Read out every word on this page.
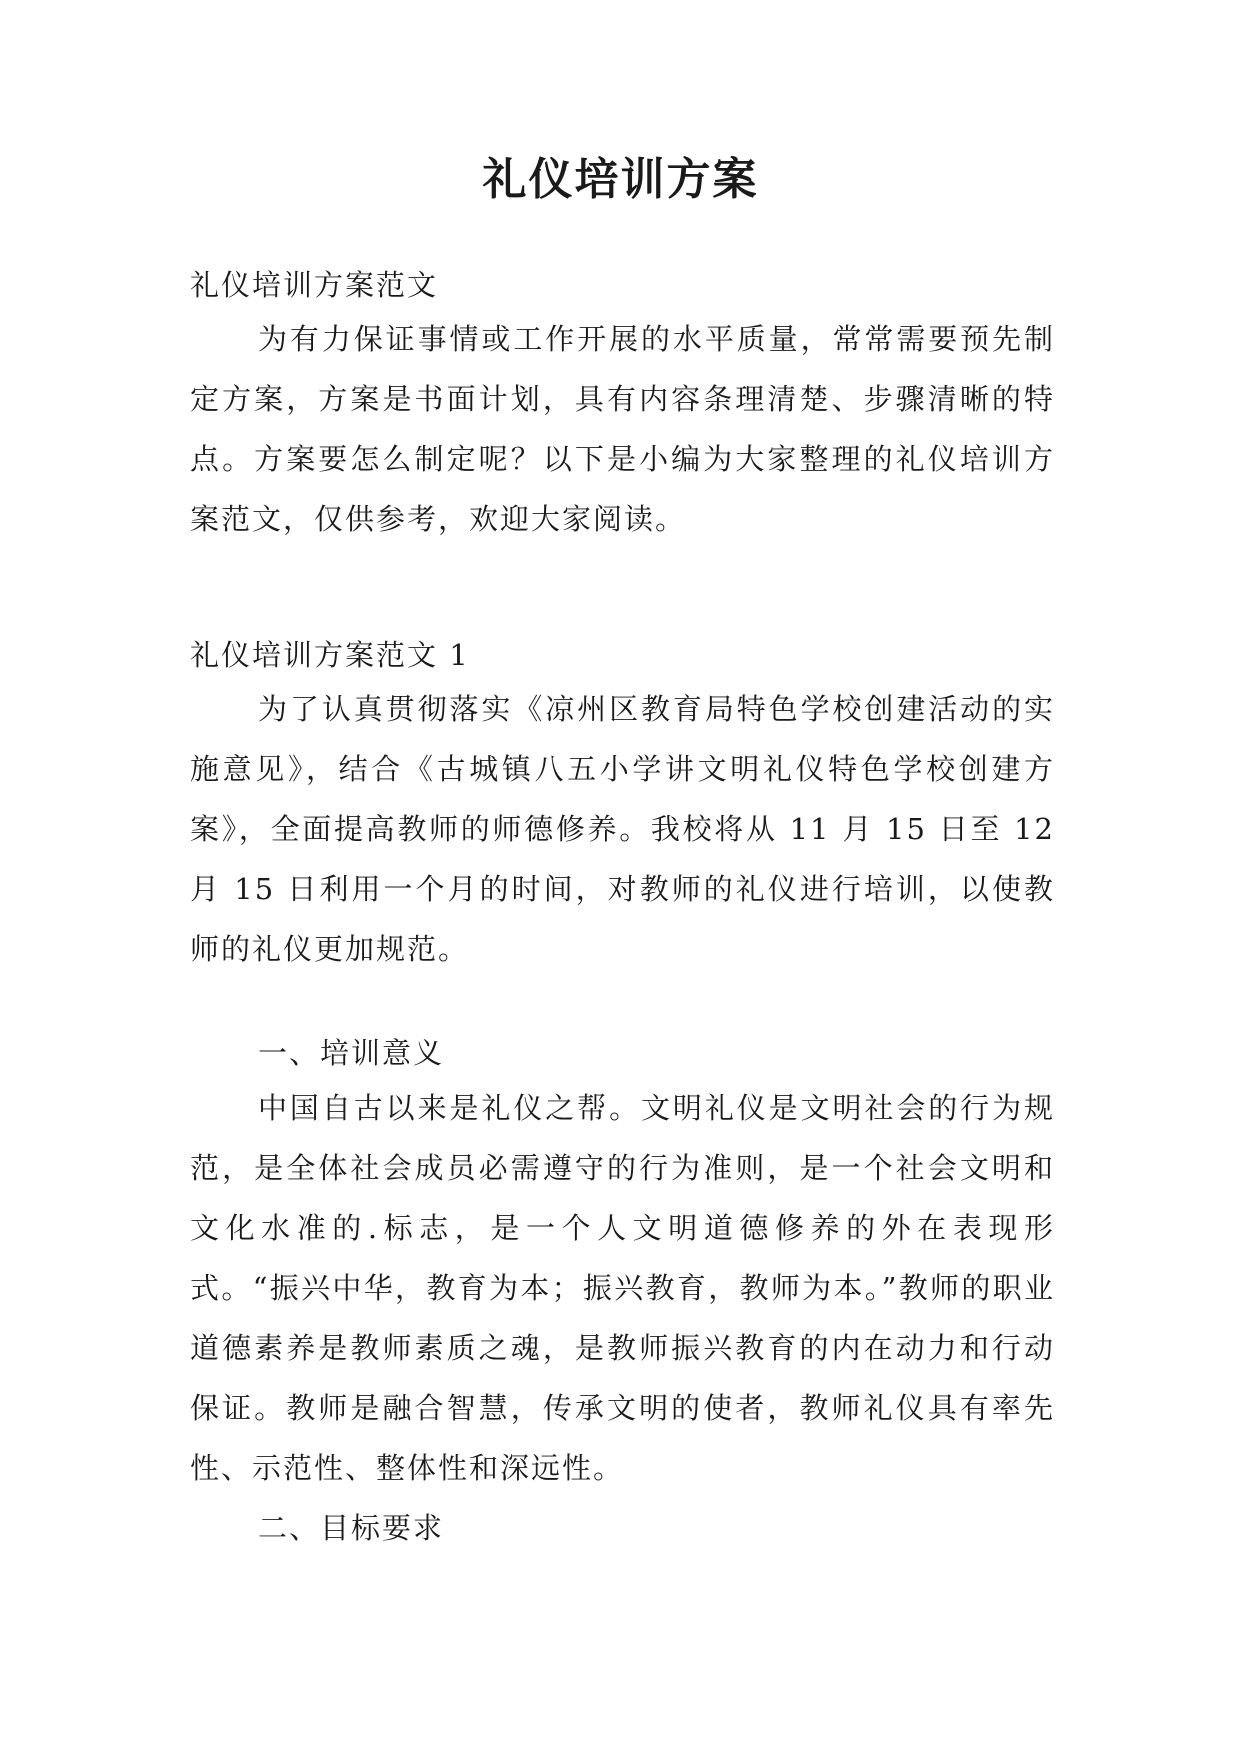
礼仪培训方案

礼仪培训方案范文

为有力保证事情或工作开展的水平质量，常常需要预先制定方案，方案是书面计划，具有内容条理清楚、步骤清晰的特点。方案要怎么制定呢？以下是小编为大家整理的礼仪培训方案范文，仅供参考，欢迎大家阅读。

礼仪培训方案范文 1

为了认真贯彻落实《凉州区教育局特色学校创建活动的实施意见》，结合《古城镇八五小学讲文明礼仪特色学校创建方案》，全面提高教师的师德修养。我校将从 11 月 15 日至 12 月 15 日利用一个月的时间，对教师的礼仪进行培训，以使教师的礼仪更加规范。

一、培训意义

中国自古以来是礼仪之帮。文明礼仪是文明社会的行为规范，是全体社会成员必需遵守的行为准则，是一个社会文明和文化水准的.标志，是一个人文明道德修养的外在表现形式。“振兴中华，教育为本；振兴教育，教师为本。”教师的职业道德素养是教师素质之魂，是教师振兴教育的内在动力和行动保证。教师是融合智慧，传承文明的使者，教师礼仪具有率先性、示范性、整体性和深远性。

二、目标要求
